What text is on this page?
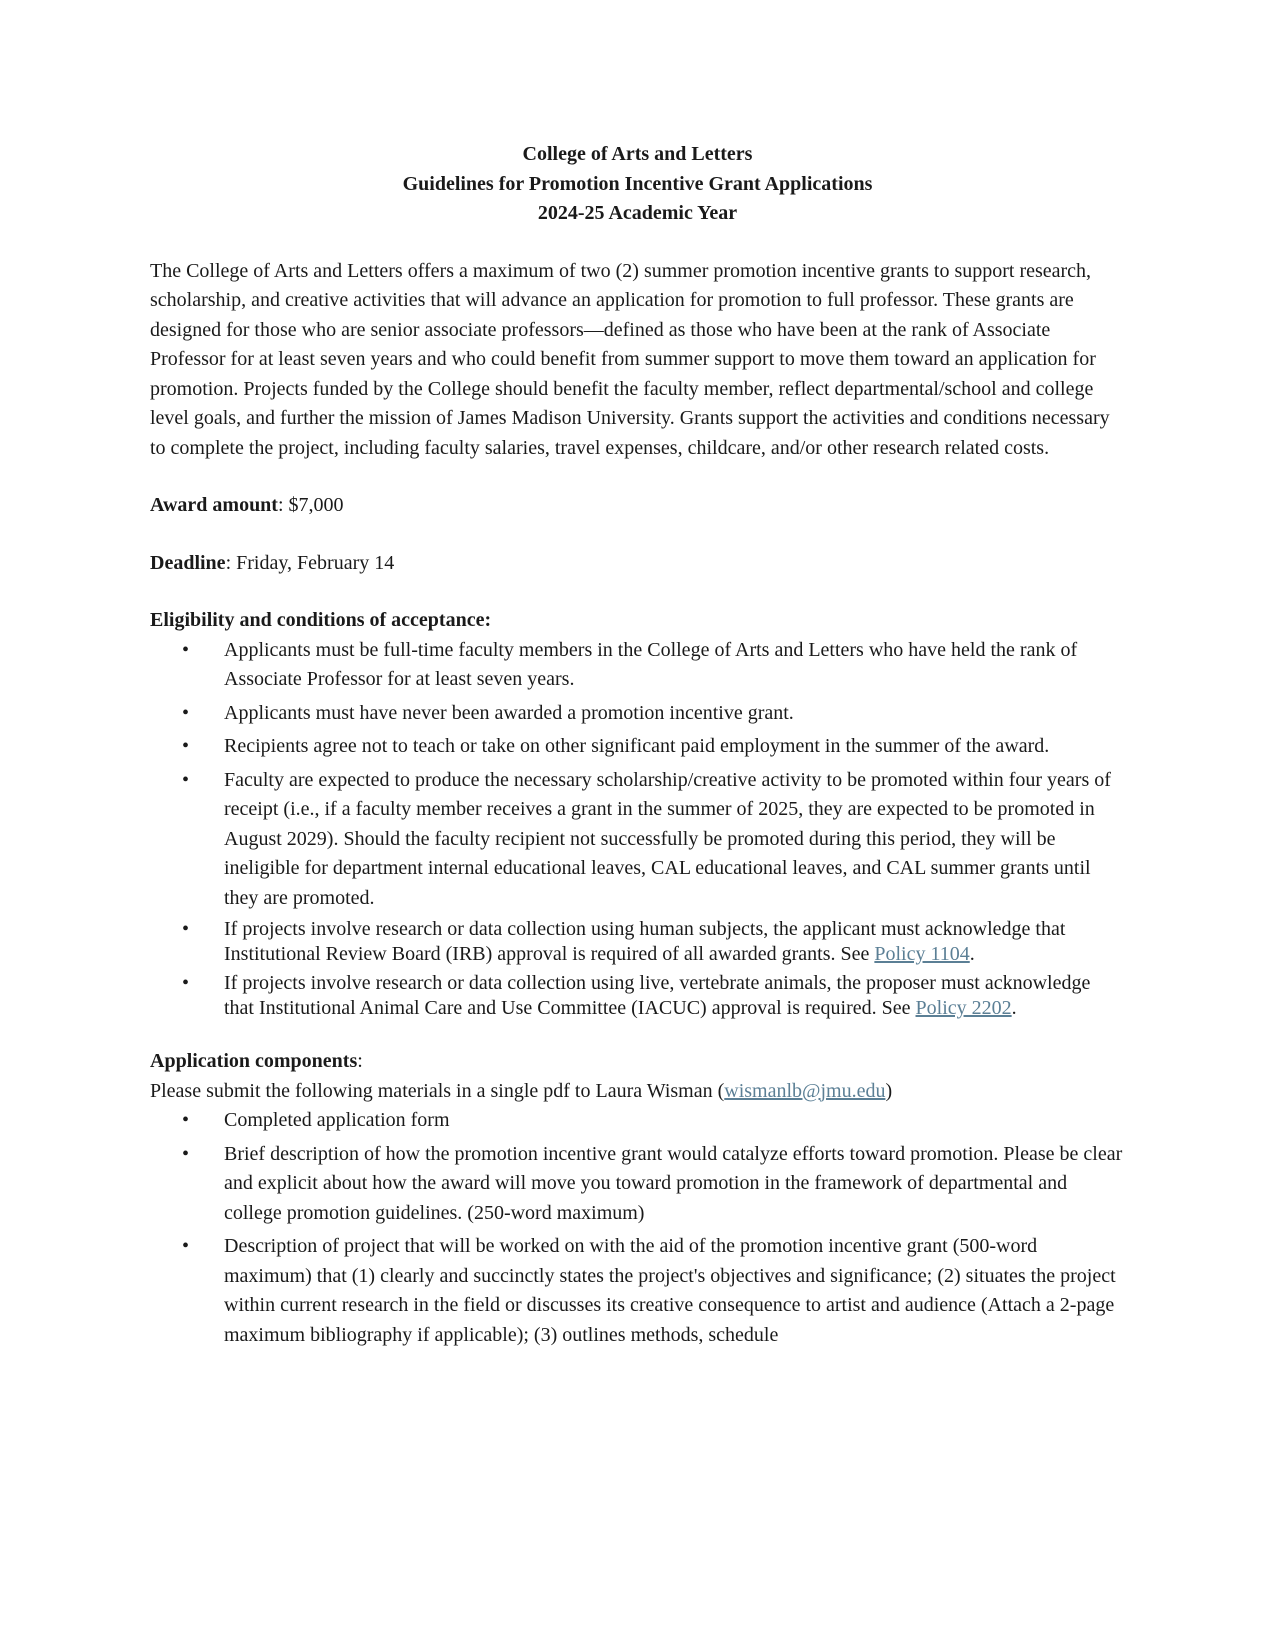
College of Arts and Letters
Guidelines for Promotion Incentive Grant Applications
2024-25 Academic Year

The College of Arts and Letters offers a maximum of two (2) summer promotion incentive grants to support research, scholarship, and creative activities that will advance an application for promotion to full professor. These grants are designed for those who are senior associate professors—defined as those who have been at the rank of Associate Professor for at least seven years and who could benefit from summer support to move them toward an application for promotion. Projects funded by the College should benefit the faculty member, reflect departmental/school and college level goals, and further the mission of James Madison University. Grants support the activities and conditions necessary to complete the project, including faculty salaries, travel expenses, childcare, and/or other research related costs.

Award amount: $7,000

Deadline: Friday, February 14

Eligibility and conditions of acceptance:
• Applicants must be full-time faculty members in the College of Arts and Letters who have held the rank of Associate Professor for at least seven years.
• Applicants must have never been awarded a promotion incentive grant.
• Recipients agree not to teach or take on other significant paid employment in the summer of the award.
• Faculty are expected to produce the necessary scholarship/creative activity to be promoted within four years of receipt (i.e., if a faculty member receives a grant in the summer of 2025, they are expected to be promoted in August 2029). Should the faculty recipient not successfully be promoted during this period, they will be ineligible for department internal educational leaves, CAL educational leaves, and CAL summer grants until they are promoted.
• If projects involve research or data collection using human subjects, the applicant must acknowledge that Institutional Review Board (IRB) approval is required of all awarded grants. See Policy 1104.
• If projects involve research or data collection using live, vertebrate animals, the proposer must acknowledge that Institutional Animal Care and Use Committee (IACUC) approval is required. See Policy 2202.
Application components:

Please submit the following materials in a single pdf to Laura Wisman (wismanlb@jmu.edu)

• Completed application form
• Brief description of how the promotion incentive grant would catalyze efforts toward promotion. Please be clear and explicit about how the award will move you toward promotion in the framework of departmental and college promotion guidelines. (250-word maximum)
• Description of project that will be worked on with the aid of the promotion incentive grant (500-word maximum) that (1) clearly and succinctly states the project's objectives and significance; (2) situates the project within current research in the field or discusses its creative consequence to artist and audience (Attach a 2-page maximum bibliography if applicable); (3) outlines methods, schedule
